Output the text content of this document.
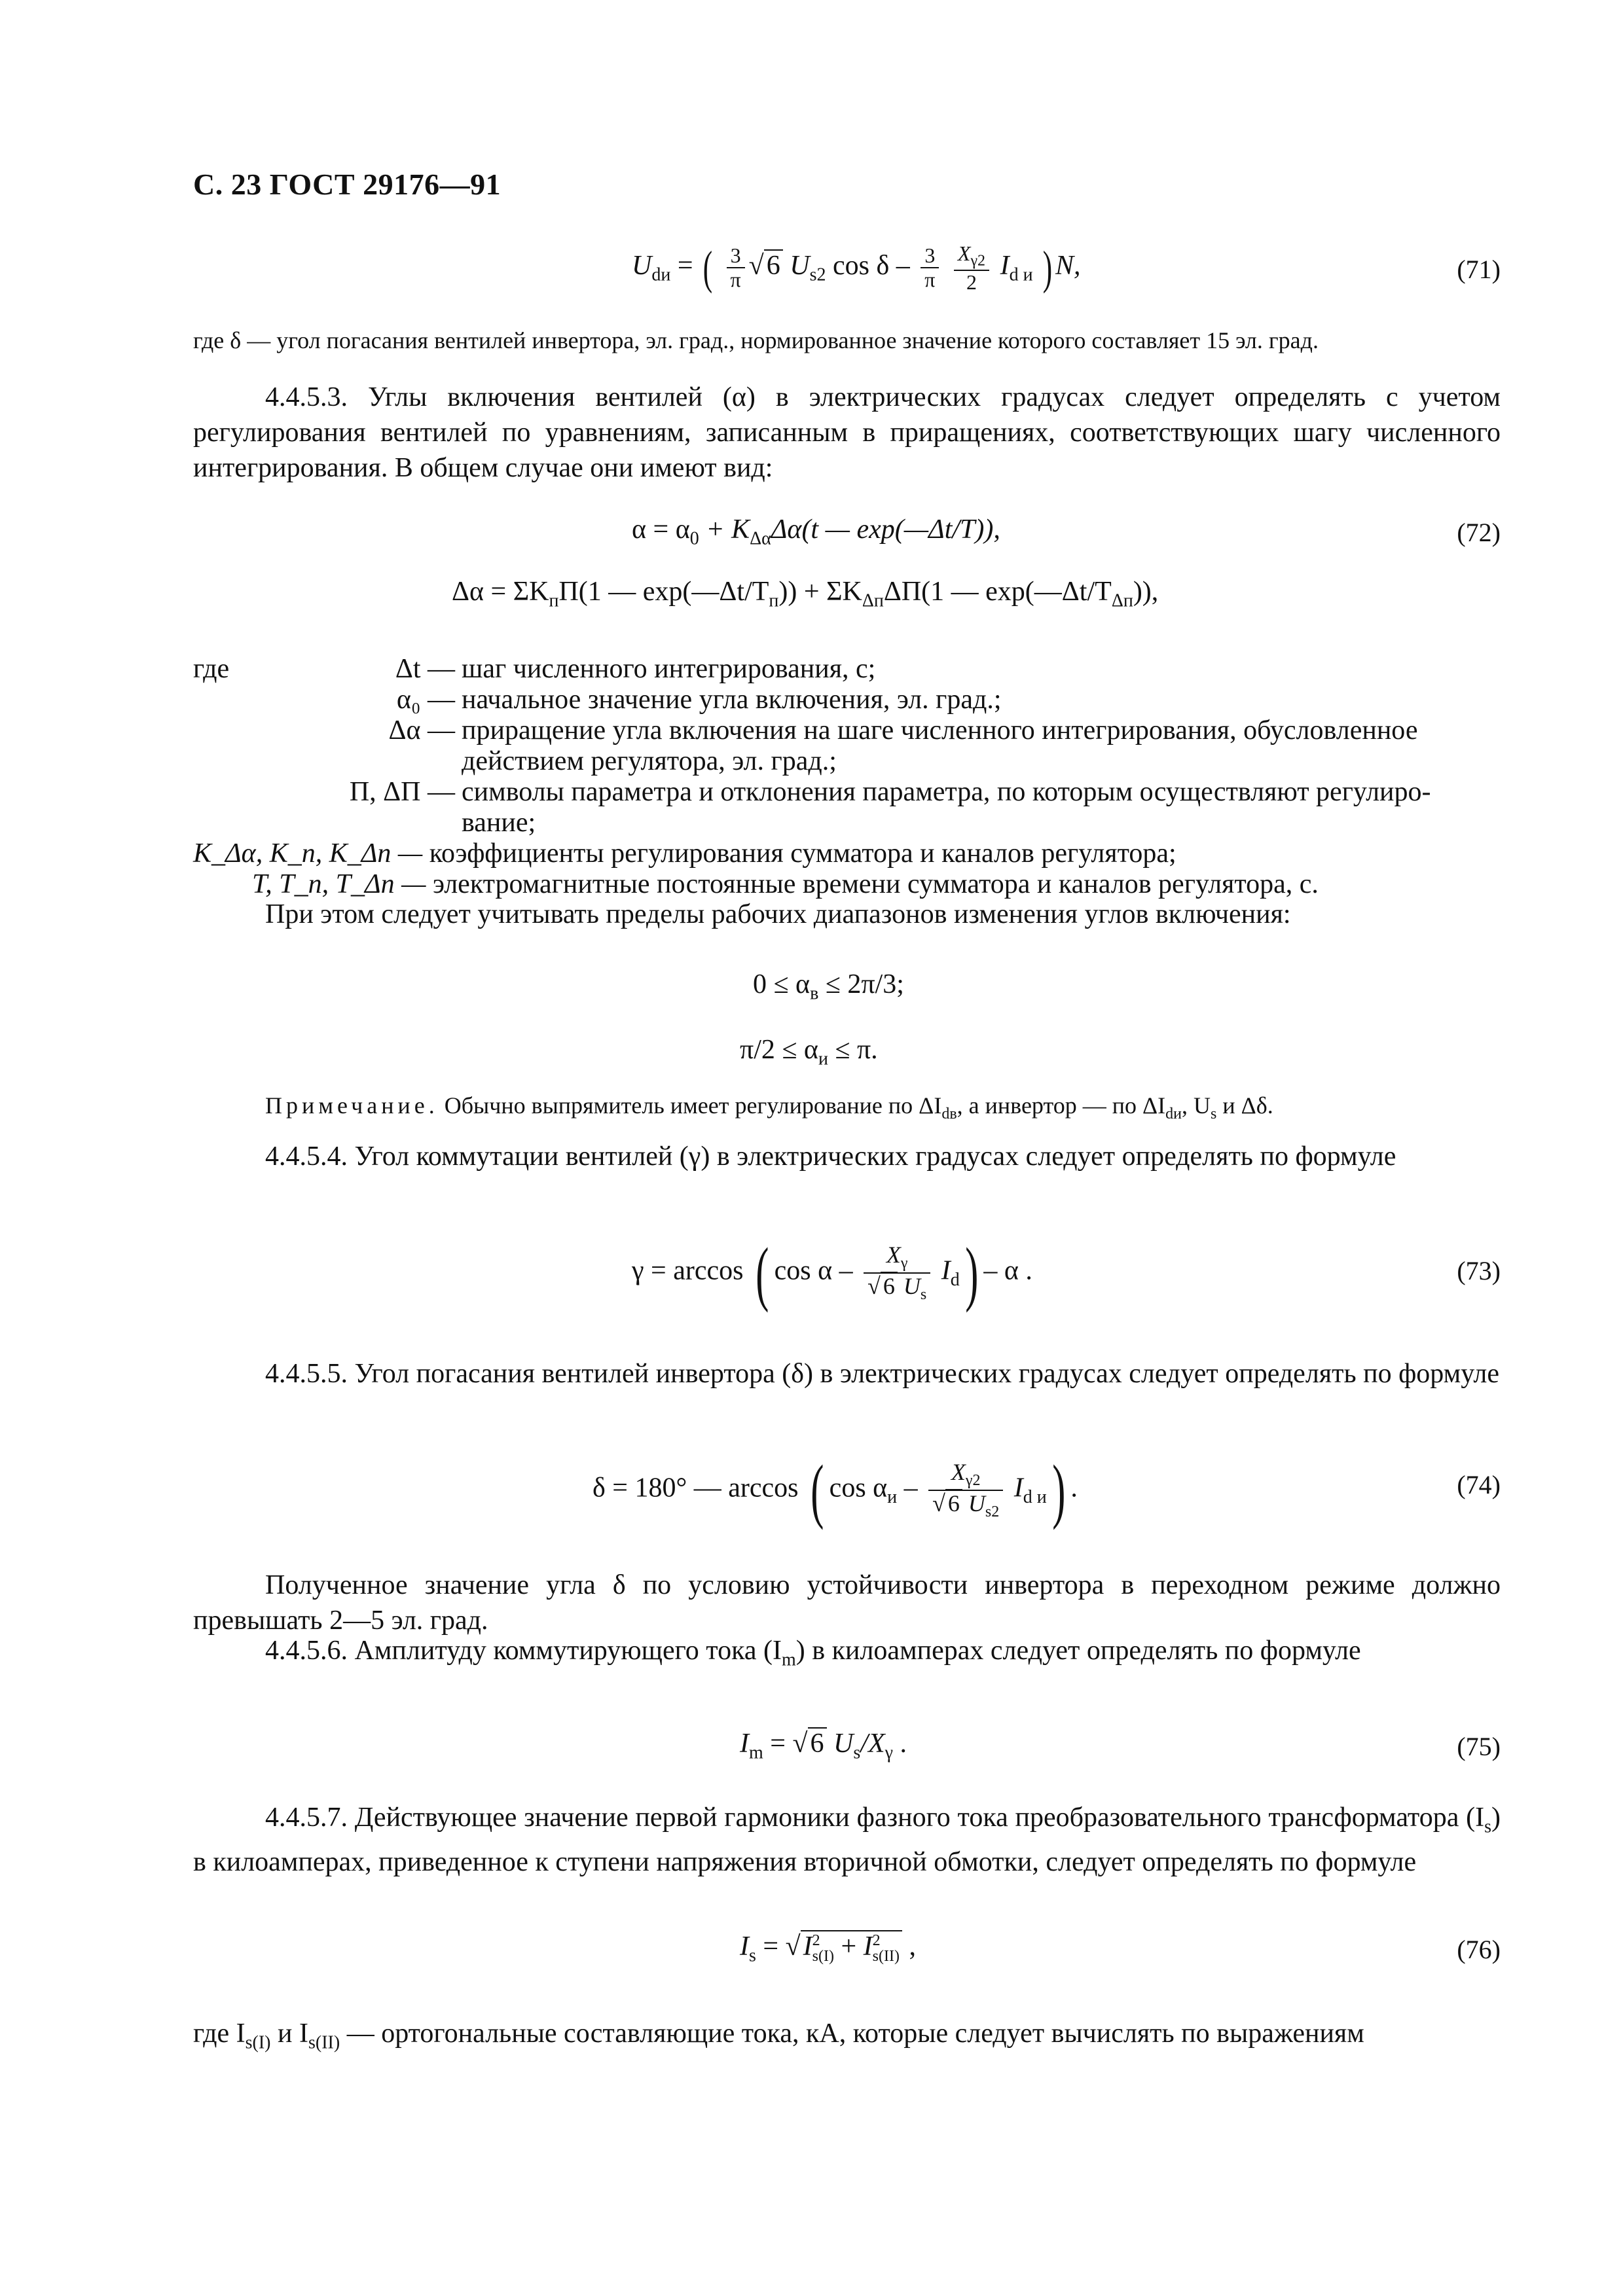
С. 23 ГОСТ 29176—91
$U_{dи}$ = ( $\frac{3}{\pi} √6$ $U_{s2}$ cos δ – $\frac{3}{\pi}$
$\frac{X_{\gamma 2}}{2} I_{d и}$ ) N,	(71)
где δ — угол погасания вентилей инвертора, эл. град., нормированное значение которого составляет 15 эл. град.
4.4.5.3. Углы включения вентилей (α) в электрических градусах следует определять с учетом регулирования вентилей по уравнениям, записанным в приращениях, соответствующих шагу численного интегрирования. В общем случае они имеют вид:
$\alpha = \alpha_0 + K_{\Delta\alpha}\Delta\alpha(t$ — exp(—Δt/T)),	(72)
$\Delta\alpha = \Sigma K_пП(1$ — $\exp(—\Delta t/T_п)) + \Sigma K_{\Delta п}\Delta П(1$ — $\exp(—\Delta t/T_{\Delta п})$),
где	Δt — шаг численного интегрирования, с;
α₀ — начальное значение угла включения, эл. град.;
Δα — приращение угла включения на шаге численного интегрирования, обусловленное
действием регулятора, эл. град.;
П, ΔП — символы параметра и отклонения параметра, по которым осуществляют регулиро-
вание;
K_Δα, K_п, K_Δп — коэффициенты регулирования сумматора и каналов регулятора;
T, T_п, T_Δп — электромагнитные постоянные времени сумматора и каналов регулятора, с.
При этом следует учитывать пределы рабочих диапазонов изменения углов включения:
$0 \le \alpha_в \le 2\pi/3$;
$\pi/2 \le \alpha_и \le \pi$.
Примечание. Обычно выпрямитель имеет регулирование по $\Delta I_{dв}$, а инвертор — по $\Delta I_{dи}$, $U_s$ и Δδ.
4.4.5.4. Угол коммутации вентилей (γ) в электрических градусах следует определять по формуле
γ = arccos ( cos α – $\frac{X_\gamma}{√ 6 U_s} I_d$) – α .	(73)
4.4.5.5. Угол погасания вентилей инвертора (δ) в электрических градусах следует определять по формуле
δ = 180° — arccos ( $\cos \alpha_и - \frac{X_{\gamma 2}}{√ 6 U_{s2}} I_{d и}$) .	(74)
Полученное значение угла δ по условию устойчивости инвертора в переходном режиме должно превышать 2—5 эл. град.
4.4.5.6. Амплитуду коммутирующего тока $(I_m)$ в килоамперах следует определять по формуле
$I_m = √6$ $U_s/X_\gamma$ .	(75)
4.4.5.7. Действующее значение первой гармоники фазного тока преобразовательного трансформатора $(I_s)$ в килоамперах, приведенное к ступени напряжения вторичной обмотки, следует определять по формуле
$I_s = √I^2_{s(I)} + I^2_{s(II)}$ ,	(76)
где $I_{s(I)}$ и $I_{s(II)}$ — ортогональные составляющие тока, кА, которые следует вычислять по выражениям
